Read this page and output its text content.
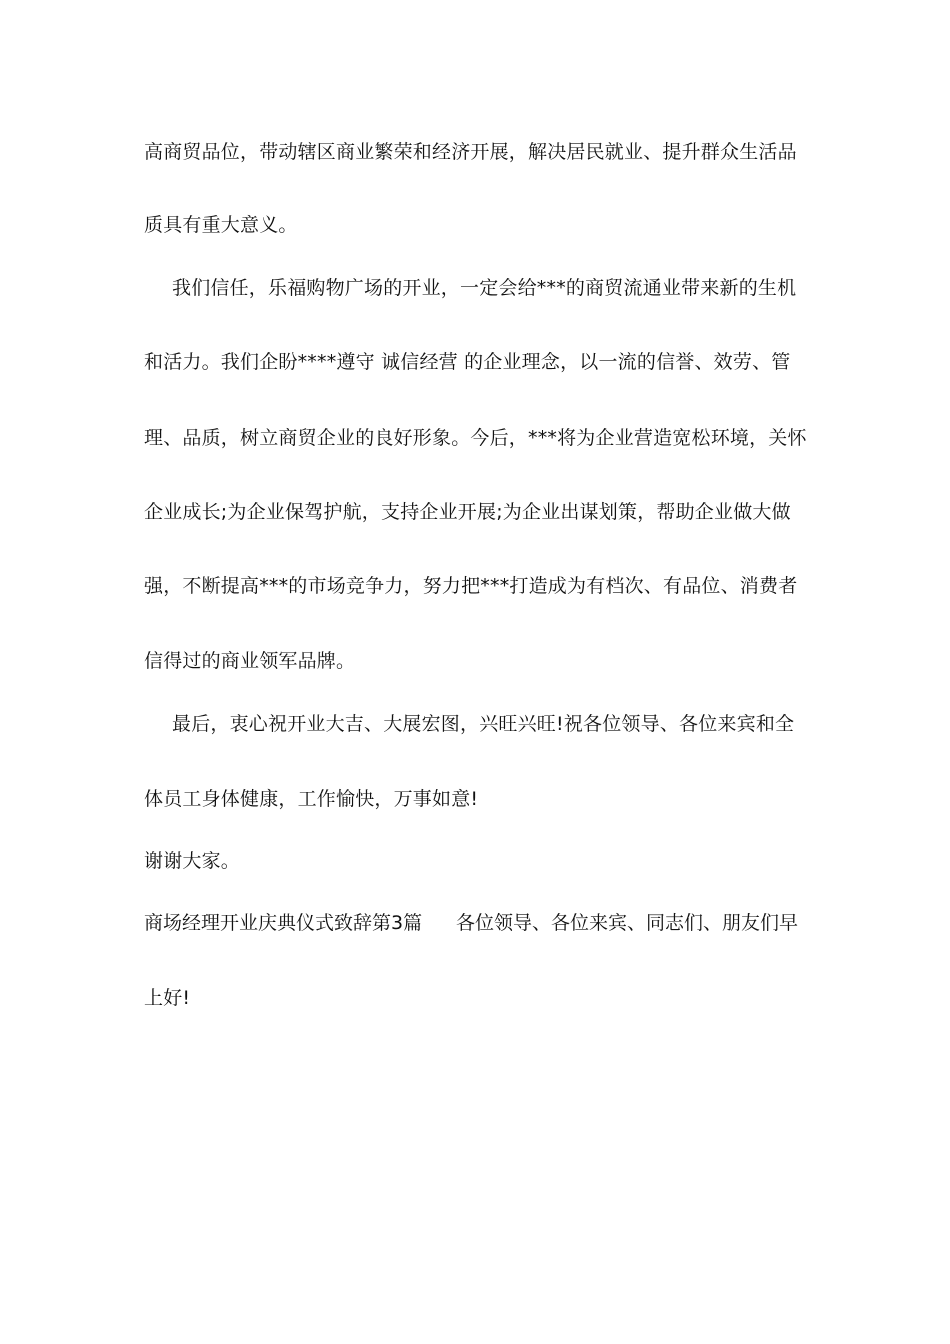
高商贸品位，带动辖区商业繁荣和经济开展，解决居民就业、提升群众生活品
质具有重大意义。
我们信任，乐福购物广场的开业，一定会给***的商贸流通业带来新的生机
和活力。我们企盼****遵守 诚信经营 的企业理念，以一流的信誉、效劳、管
理、品质，树立商贸企业的良好形象。今后，***将为企业营造宽松环境，关怀
企业成长;为企业保驾护航，支持企业开展;为企业出谋划策，帮助企业做大做
强，不断提高***的市场竞争力，努力把***打造成为有档次、有品位、消费者
信得过的商业领军品牌。
最后，衷心祝开业大吉、大展宏图，兴旺兴旺!祝各位领导、各位来宾和全
体员工身体健康，工作愉快，万事如意!
谢谢大家。
商场经理开业庆典仪式致辞第3篇 各位领导、各位来宾、同志们、朋友们早
上好!
